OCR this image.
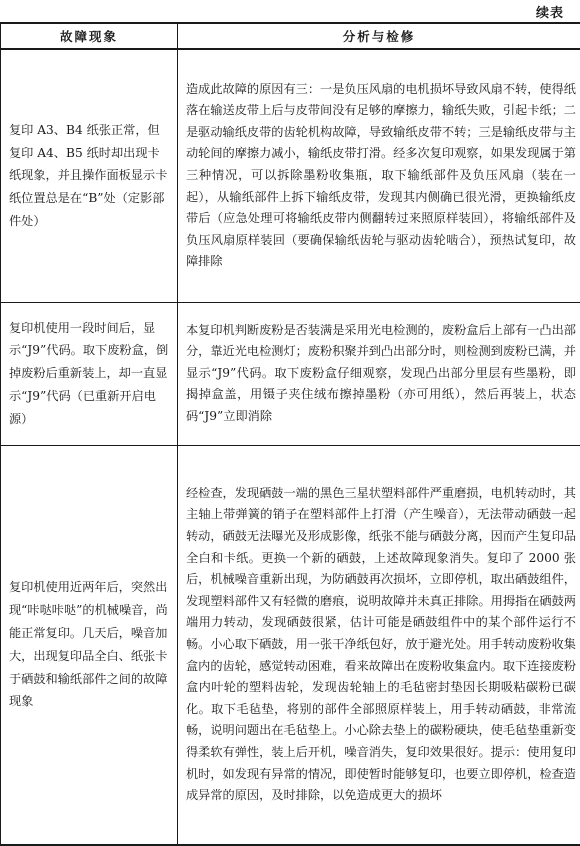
续表
故障现象	分析与检修

复印 A3、B4 纸张正常，但复印 A4、B5 纸时却出现卡纸现象，并且操作面板显示卡纸位置总是在“B”处（定影部件处）	造成此故障的原因有三：一是负压风扇的电机损坏导致风扇不转，使得纸落在输送皮带上后与皮带间没有足够的摩擦力，输纸失败，引起卡纸；二是驱动输纸皮带的齿轮机构故障，导致输纸皮带不转；三是输纸皮带与主动轮间的摩擦力减小，输纸皮带打滑。经多次复印观察，如果发现属于第三种情况，可以拆除墨粉收集瓶，取下输纸部件及负压风扇（装在一起），从输纸部件上拆下输纸皮带，发现其内侧确已很光滑，更换输纸皮带后（应急处理可将输纸皮带内侧翻转过来照原样装回），将输纸部件及负压风扇原样装回（要确保输纸齿轮与驱动齿轮啮合），预热试复印，故障排除

复印机使用一段时间后，显示“J9”代码。取下废粉盒，倒掉废粉后重新装上，却一直显示“J9”代码（已重新开启电源）	本复印机判断废粉是否装满是采用光电检测的，废粉盒后上部有一凸出部分，靠近光电检测灯；废粉积聚并到凸出部分时，则检测到废粉已满，并显示“J9”代码。取下废粉盒仔细观察，发现凸出部分里层有些墨粉，即揭掉盒盖，用镊子夹住绒布擦掉墨粉（亦可用纸），然后再装上，状态码“J9”立即消除

复印机使用近两年后，突然出现“咔哒咔哒”的机械噪音，尚能正常复印。几天后，噪音加大，出现复印品全白、纸张卡于硒鼓和输纸部件之间的故障现象	经检查，发现硒鼓一端的黑色三星状塑料部件严重磨损，电机转动时，其主轴上带弹簧的销子在塑料部件上打滑（产生噪音），无法带动硒鼓一起转动，硒鼓无法曝光及形成影像，纸张不能与硒鼓分离，因而产生复印品全白和卡纸。更换一个新的硒鼓，上述故障现象消失。复印了 2000 张后，机械噪音重新出现，为防硒鼓再次损坏，立即停机，取出硒鼓组件，发现塑料部件又有轻微的磨痕，说明故障并未真正排除。用拇指在硒鼓两端用力转动，发现硒鼓很紧，估计可能是硒鼓组件中的某个部件运行不畅。小心取下硒鼓，用一张干净纸包好，放于避光处。用手转动废粉收集盒内的齿轮，感觉转动困难，看来故障出在废粉收集盒内。取下连接废粉盒内叶轮的塑料齿轮，发现齿轮轴上的毛毡密封垫因长期吸粘碳粉已碳化。取下毛毡垫，将别的部件全部照原样装上，用手转动硒鼓，非常流畅，说明问题出在毛毡垫上。小心除去垫上的碳粉硬块，使毛毡垫重新变得柔软有弹性，装上后开机，噪音消失，复印效果很好。提示：使用复印机时，如发现有异常的情况，即使暂时能够复印，也要立即停机，检查造成异常的原因，及时排除，以免造成更大的损坏
